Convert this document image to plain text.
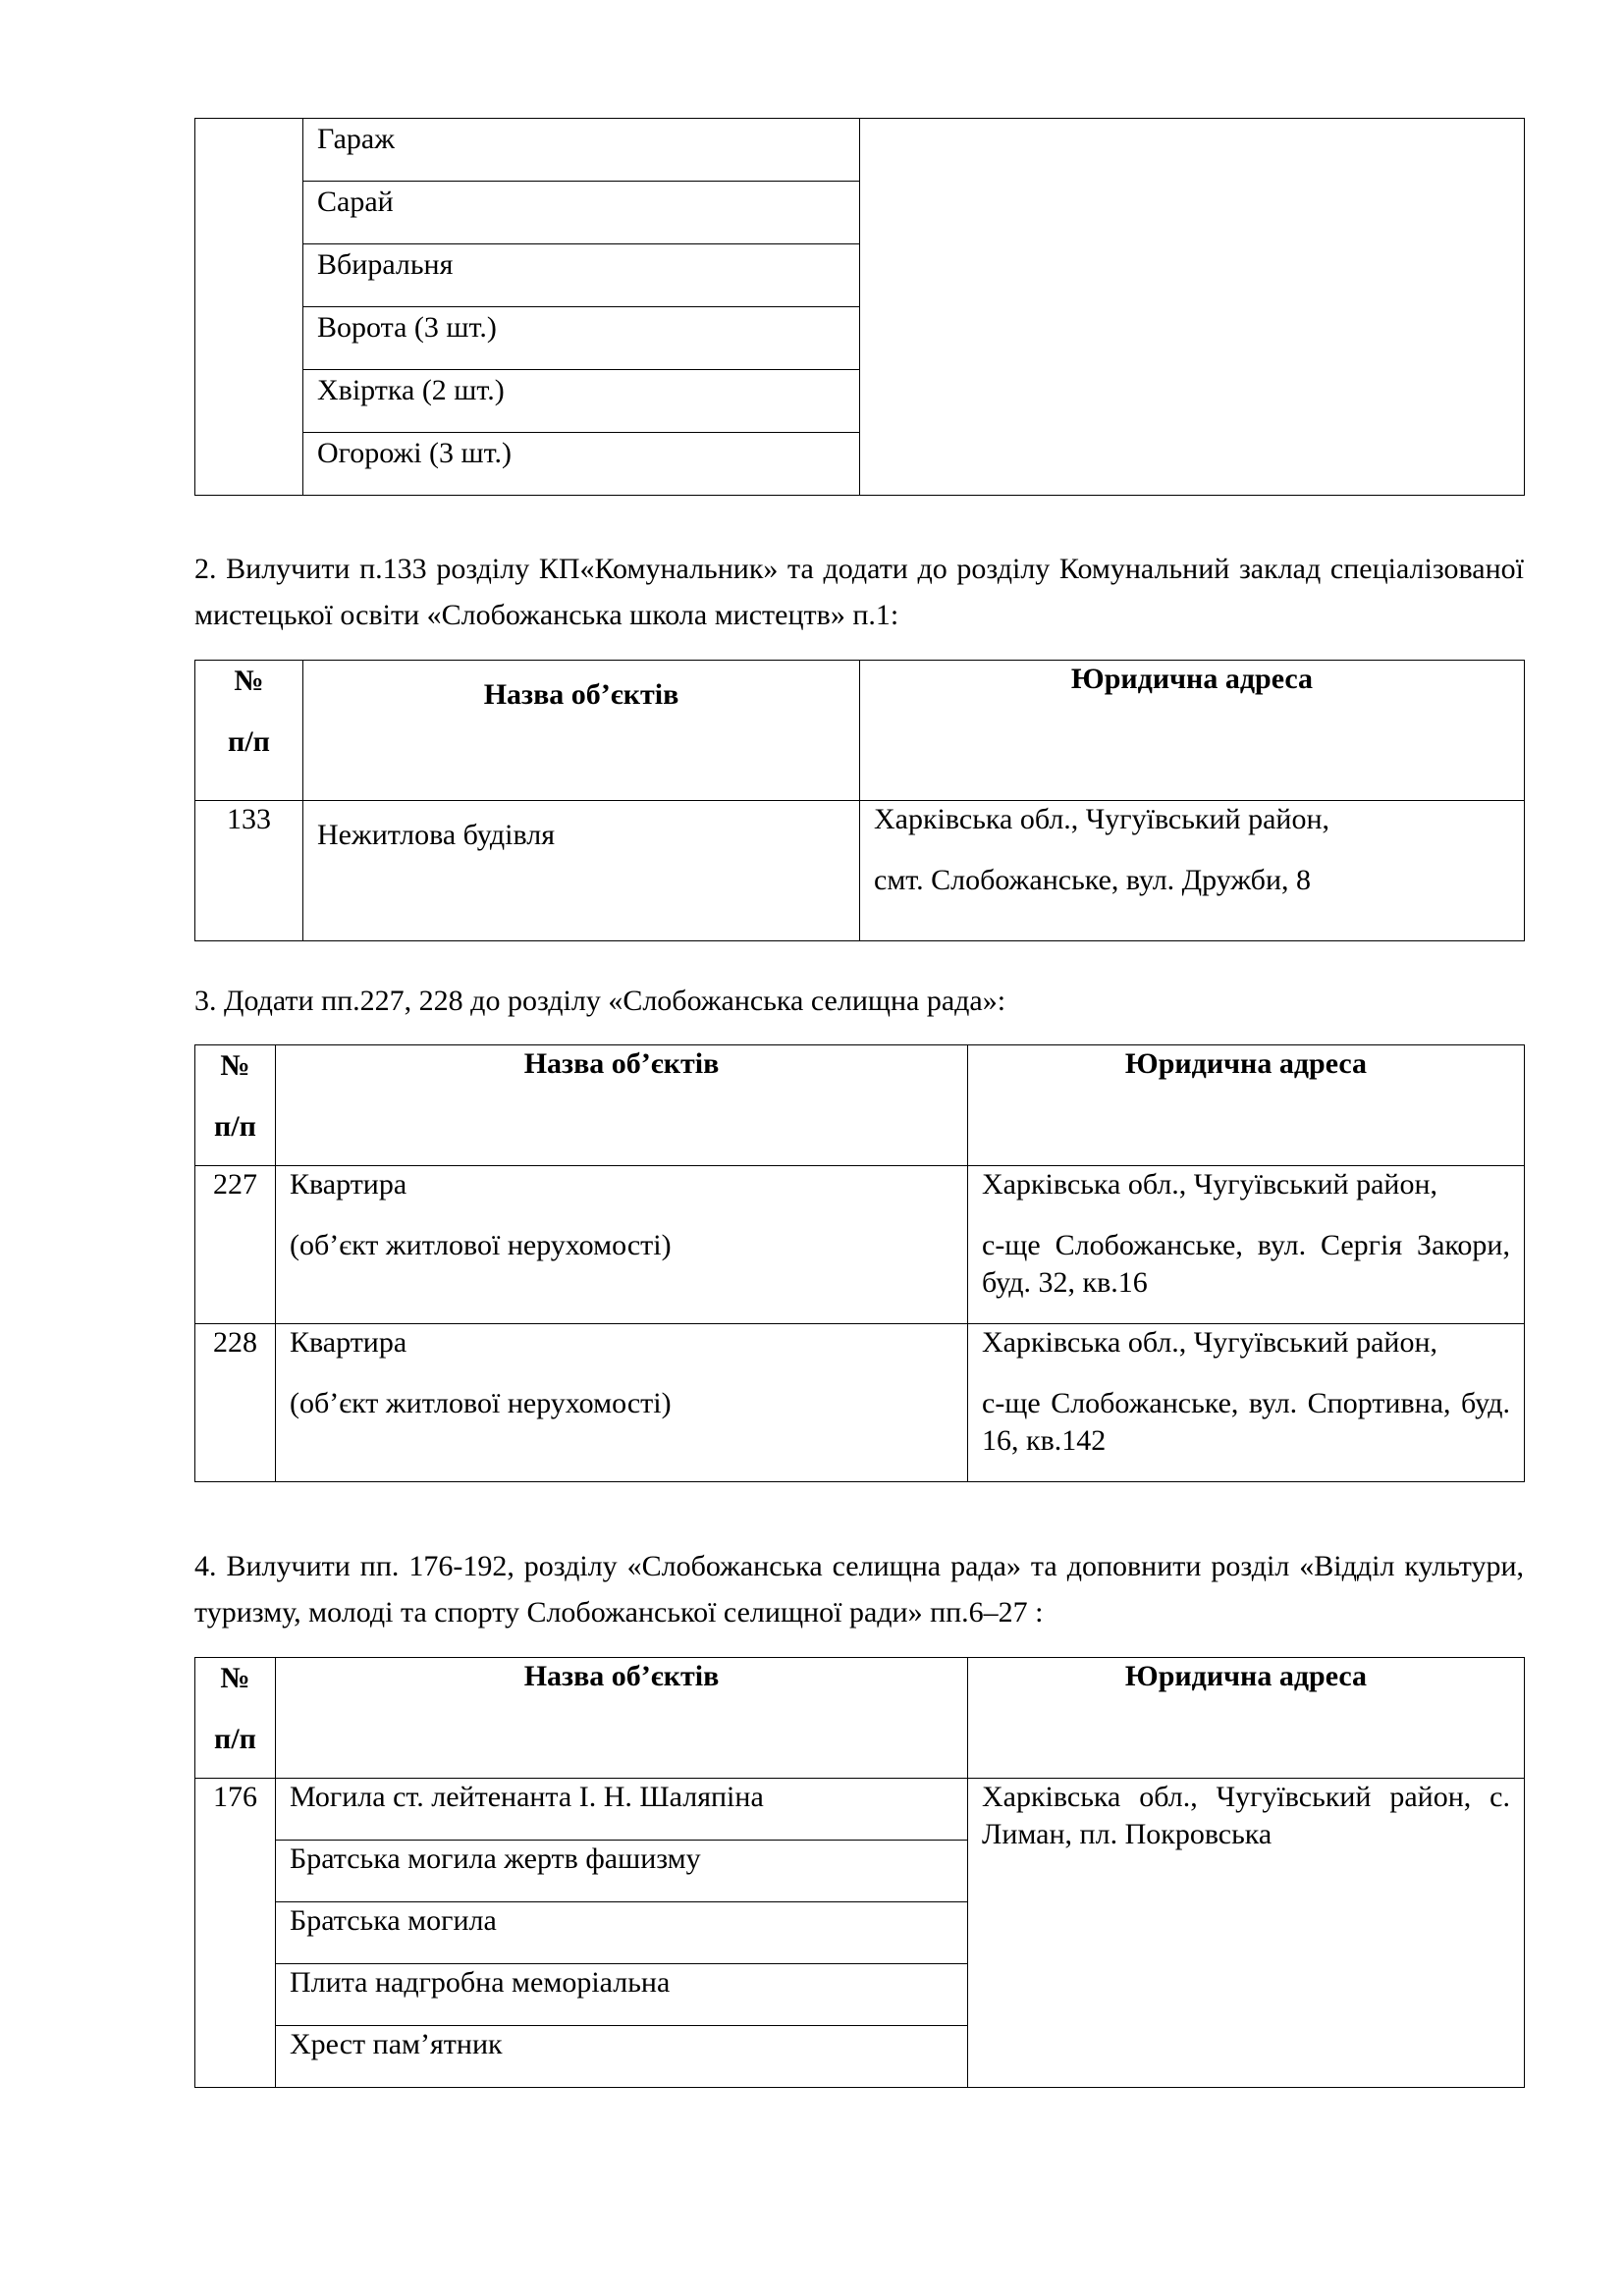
	Гараж	
Сарай
Вбиральня
Ворота (3 шт.)
Хвіртка (2 шт.)
Огорожі (3 шт.)
2. Вилучити п.133 розділу КП«Комунальник» та додати до розділу Комунальний заклад спеціалізованої мистецької освіти «Слобожанська школа мистецтв» п.1:
№
п/п	Назва об’єктів	Юридична адреса
133	Нежитлова будівля	Харківська обл., Чугуївський район,
смт. Слобожанське, вул. Дружби, 8
3. Додати пп.227, 228 до розділу «Слобожанська селищна рада»:
№
п/п	Назва об’єктів	Юридична адреса
227	Квартира
(об’єкт житлової нерухомості)	Харківська обл., Чугуївський район,
с-ще Слобожанське, вул. Сергія Закори, буд. 32, кв.16

228	Квартира
(об’єкт житлової нерухомості)	Харківська обл., Чугуївський район,
с-ще Слобожанське, вул. Спортивна, буд. 16, кв.142
4. Вилучити пп. 176-192, розділу «Слобожанська селищна рада» та доповнити розділ «Відділ культури, туризму, молоді та спорту Слобожанської селищної ради» пп.6–27 :
№
п/п	Назва об’єктів	Юридична адреса
176	Могила ст. лейтенанта І. Н. Шаляпіна	Харківська обл., Чугуївський район, с. Лиман, пл. Покровська
	Братська могила жертв фашизму	
	Братська могила	
	Плита надгробна меморіальна	
	Хрест пам’ятник	
